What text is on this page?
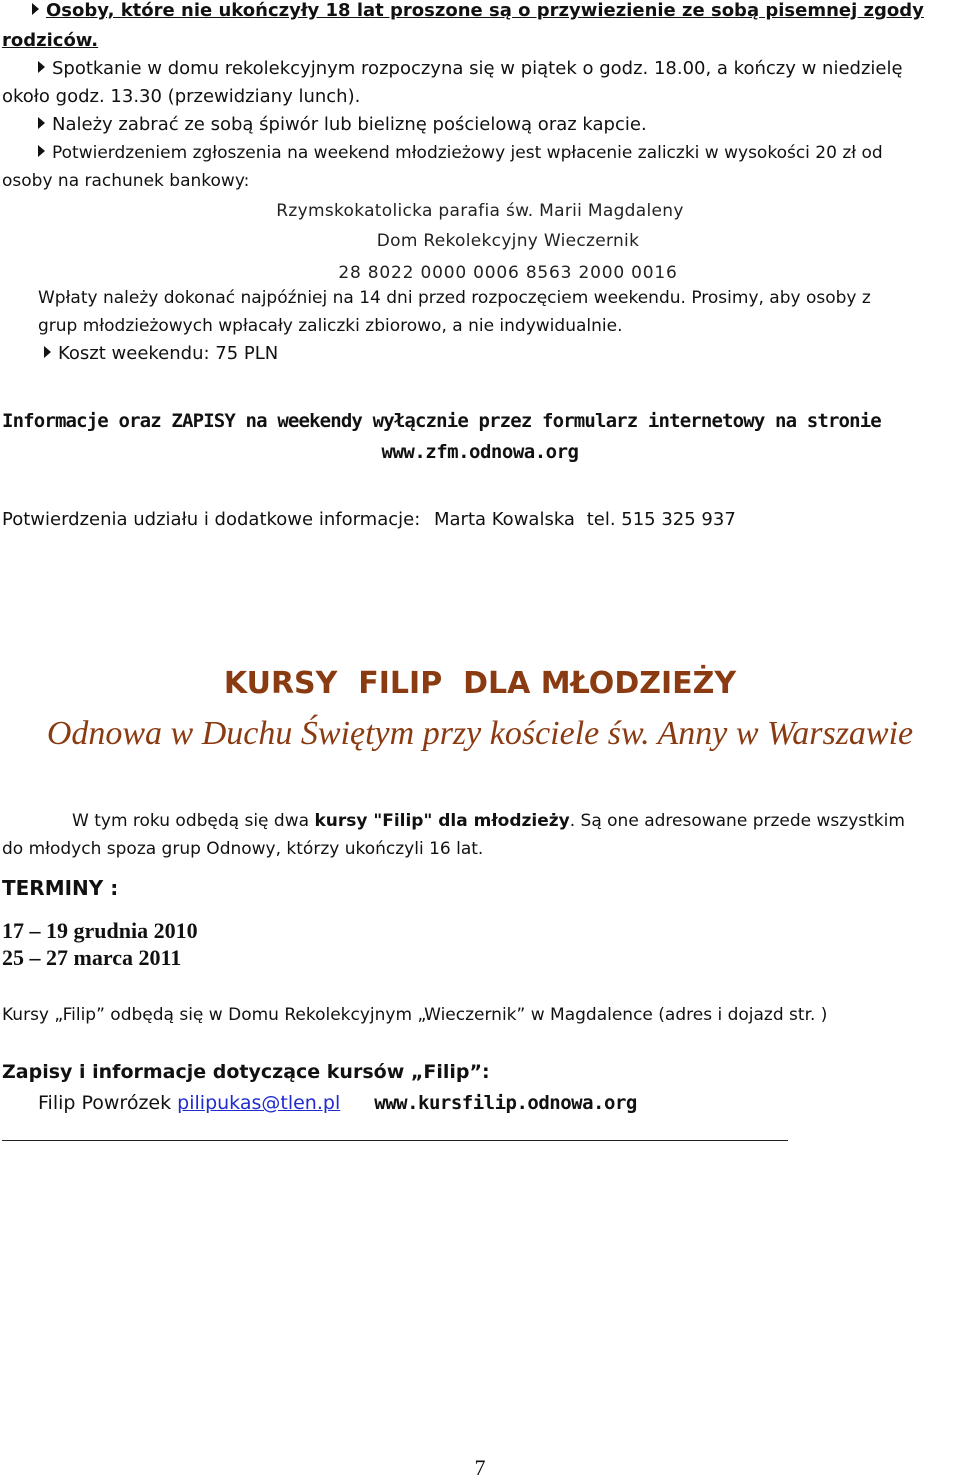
Osoby, które nie ukończyły 18 lat proszone są o przywiezienie ze sobą pisemnej zgody
rodziców.
Spotkanie w domu rekolekcyjnym rozpoczyna się w piątek o godz. 18.00, a kończy w niedzielę
około godz. 13.30 (przewidziany lunch).
Należy zabrać ze sobą śpiwór lub bieliznę pościelową oraz kapcie.
Potwierdzeniem zgłoszenia na weekend młodzieżowy jest wpłacenie zaliczki w wysokości 20 zł od
osoby na rachunek bankowy:
Rzymskokatolicka parafia św. Marii Magdaleny
Dom Rekolekcyjny Wieczernik
28 8022 0000 0006 8563 2000 0016
Wpłaty należy dokonać najpóźniej na 14 dni przed rozpoczęciem weekendu. Prosimy, aby osoby z
grup młodzieżowych wpłacały zaliczki zbiorowo, a nie indywidualnie.
Koszt weekendu: 75 PLN
Informacje oraz ZAPISY na weekendy wyłącznie przez formularz internetowy na stronie
www.zfm.odnowa.org
Potwierdzenia udziału i dodatkowe informacje: Marta Kowalska tel. 515 325 937
KURSY  FILIP  DLA MŁODZIEŻY
Odnowa w Duchu Świętym przy kościele św. Anny w Warszawie
W tym roku odbędą się dwa kursy "Filip" dla młodzieży. Są one adresowane przede wszystkim
do młodych spoza grup Odnowy, którzy ukończyli 16 lat.
TERMINY :
17 – 19 grudnia 2010
25 – 27 marca 2011
Kursy „Filip” odbędą się w Domu Rekolekcyjnym „Wieczernik” w Magdalence (adres i dojazd str. )
Zapisy i informacje dotyczące kursów „Filip”:
Filip Powrózek pilipukas@tlen.pl www.kursfilip.odnowa.org
7
